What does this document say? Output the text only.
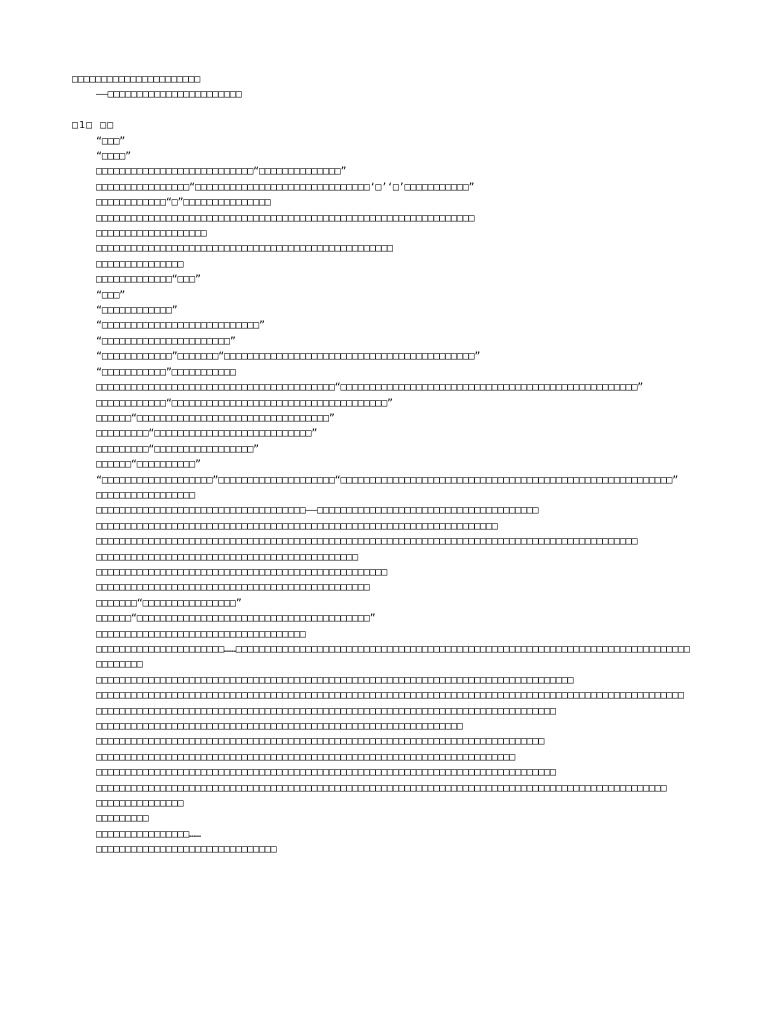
□□□□□□□□□□□□□□□□□□□□□□
——□□□□□□□□□□□□□□□□□□□□□□□
□1□ □□
“□□□”
“□□□□”
□□□□□□□□□□□□□□□□□□□□□□□□□□□“□□□□□□□□□□□□□□”
□□□□□□□□□□□□□□□□“□□□□□□□□□□□□□□□□□□□□□□□□□□□□□□‘□’‘□’□□□□□□□□□□□”
□□□□□□□□□□□□“□”□□□□□□□□□□□□□□□
□□□□□□□□□□□□□□□□□□□□□□□□□□□□□□□□□□□□□□□□□□□□□□□□□□□□□□□□□□□□□□□□□
□□□□□□□□□□□□□□□□□□□
□□□□□□□□□□□□□□□□□□□□□□□□□□□□□□□□□□□□□□□□□□□□□□□□□□□
□□□□□□□□□□□□□□□
□□□□□□□□□□□□□“□□□”
“□□□”
“□□□□□□□□□□□□”
“□□□□□□□□□□□□□□□□□□□□□□□□□□□”
“□□□□□□□□□□□□□□□□□□□□□□”
“□□□□□□□□□□□□”□□□□□□□“□□□□□□□□□□□□□□□□□□□□□□□□□□□□□□□□□□□□□□□□□□□”
“□□□□□□□□□□□”□□□□□□□□□□□
□□□□□□□□□□□□□□□□□□□□□□□□□□□□□□□□□□□□□□□□□“□□□□□□□□□□□□□□□□□□□□□□□□□□□□□□□□□□□□□□□□□□□□□□□□□□□”
□□□□□□□□□□□□“□□□□□□□□□□□□□□□□□□□□□□□□□□□□□□□□□□□□□”
□□□□□□“□□□□□□□□□□□□□□□□□□□□□□□□□□□□□□□□□”
□□□□□□□□□“□□□□□□□□□□□□□□□□□□□□□□□□□□□”
□□□□□□□□□“□□□□□□□□□□□□□□□□□”
□□□□□□“□□□□□□□□□□”
“□□□□□□□□□□□□□□□□□□□”□□□□□□□□□□□□□□□□□□□□“□□□□□□□□□□□□□□□□□□□□□□□□□□□□□□□□□□□□□□□□□□□□□□□□□□□□□□□□□”
□□□□□□□□□□□□□□□□□
□□□□□□□□□□□□□□□□□□□□□□□□□□□□□□□□□□□□——□□□□□□□□□□□□□□□□□□□□□□□□□□□□□□□□□□□□□□
□□□□□□□□□□□□□□□□□□□□□□□□□□□□□□□□□□□□□□□□□□□□□□□□□□□□□□□□□□□□□□□□□□□□□
□□□□□□□□□□□□□□□□□□□□□□□□□□□□□□□□□□□□□□□□□□□□□□□□□□□□□□□□□□□□□□□□□□□□□□□□□□□□□□□□□□□□□□□□□□□□□
□□□□□□□□□□□□□□□□□□□□□□□□□□□□□□□□□□□□□□□□□□□□□
□□□□□□□□□□□□□□□□□□□□□□□□□□□□□□□□□□□□□□□□□□□□□□□□□□
□□□□□□□□□□□□□□□□□□□□□□□□□□□□□□□□□□□□□□□□□□□□□□□
□□□□□□□“□□□□□□□□□□□□□□□□”
□□□□□□“□□□□□□□□□□□□□□□□□□□□□□□□□□□□□□□□□□□□□□□□”
□□□□□□□□□□□□□□□□□□□□□□□□□□□□□□□□□□□□
□□□□□□□□□□□□□□□□□□□□□□……□□□□□□□□□□□□□□□□□□□□□□□□□□□□□□□□□□□□□□□□□□□□□□□□□□□□□□□□□□□□□□□□□□□□□□□□□□□□□□
□□□□□□□□
□□□□□□□□□□□□□□□□□□□□□□□□□□□□□□□□□□□□□□□□□□□□□□□□□□□□□□□□□□□□□□□□□□□□□□□□□□□□□□□□□□
□□□□□□□□□□□□□□□□□□□□□□□□□□□□□□□□□□□□□□□□□□□□□□□□□□□□□□□□□□□□□□□□□□□□□□□□□□□□□□□□□□□□□□□□□□□□□□□□□□□□□
□□□□□□□□□□□□□□□□□□□□□□□□□□□□□□□□□□□□□□□□□□□□□□□□□□□□□□□□□□□□□□□□□□□□□□□□□□□□□□□
□□□□□□□□□□□□□□□□□□□□□□□□□□□□□□□□□□□□□□□□□□□□□□□□□□□□□□□□□□□□□□□
□□□□□□□□□□□□□□□□□□□□□□□□□□□□□□□□□□□□□□□□□□□□□□□□□□□□□□□□□□□□□□□□□□□□□□□□□□□□□
□□□□□□□□□□□□□□□□□□□□□□□□□□□□□□□□□□□□□□□□□□□□□□□□□□□□□□□□□□□□□□□□□□□□□□□□
□□□□□□□□□□□□□□□□□□□□□□□□□□□□□□□□□□□□□□□□□□□□□□□□□□□□□□□□□□□□□□□□□□□□□□□□□□□□□□□
□□□□□□□□□□□□□□□□□□□□□□□□□□□□□□□□□□□□□□□□□□□□□□□□□□□□□□□□□□□□□□□□□□□□□□□□□□□□□□□□□□□□□□□□□□□□□□□□□□
□□□□□□□□□□□□□□□
□□□□□□□□□
□□□□□□□□□□□□□□□□……
□□□□□□□□□□□□□□□□□□□□□□□□□□□□□□□
